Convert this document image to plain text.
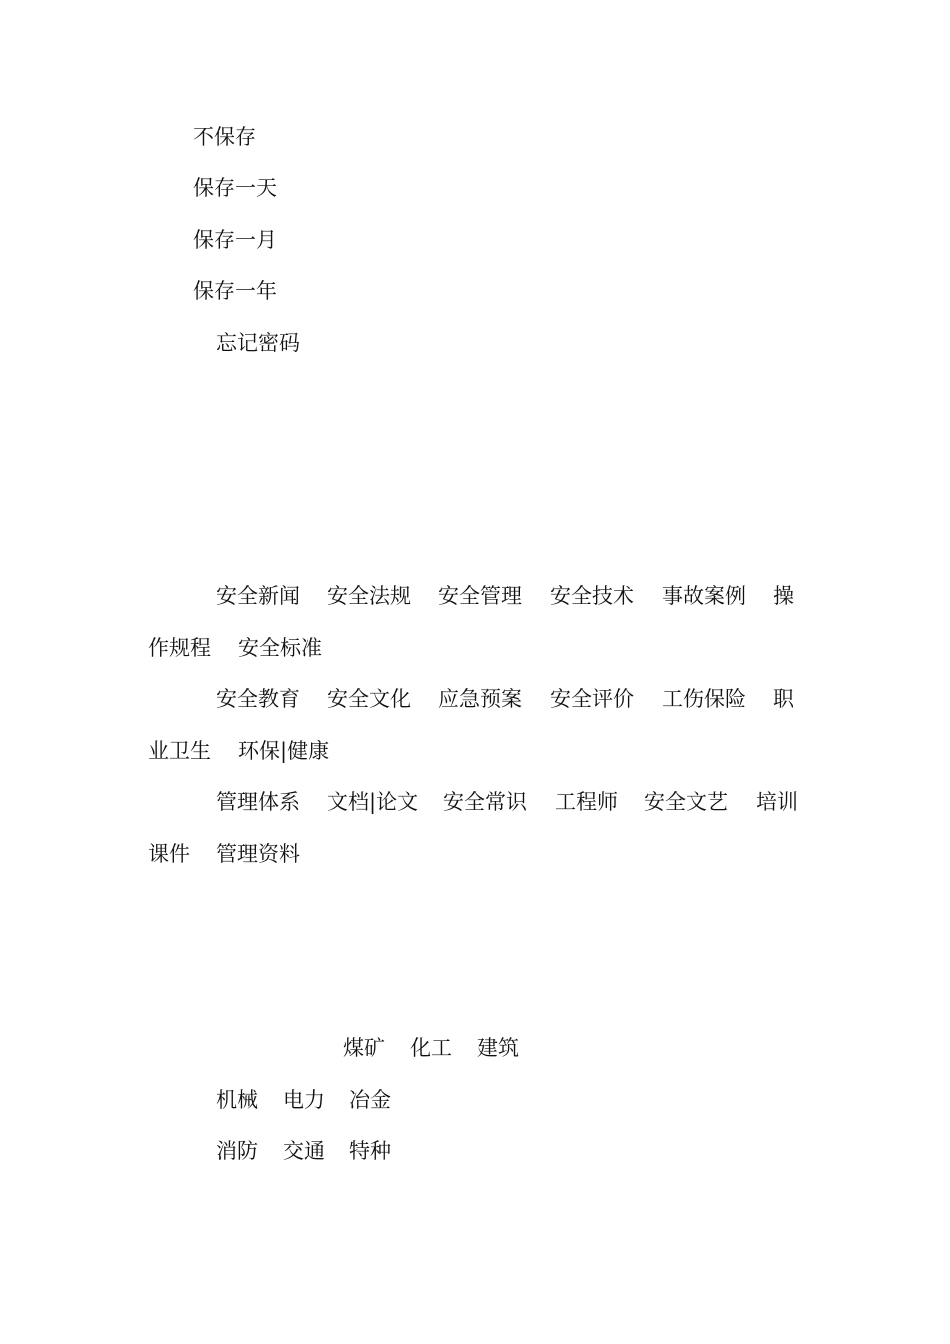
不保存
保存一天
保存一月
保存一年
忘记密码
安全新闻 安全法规 安全管理 安全技术 事故案例 操
作规程 安全标准
安全教育 安全文化 应急预案 安全评价 工伤保险 职
业卫生 环保|健康
管理体系 文档|论文 安全常识 工程师 安全文艺 培训
课件 管理资料
煤矿 化工 建筑
机械 电力 冶金
消防 交通 特种
